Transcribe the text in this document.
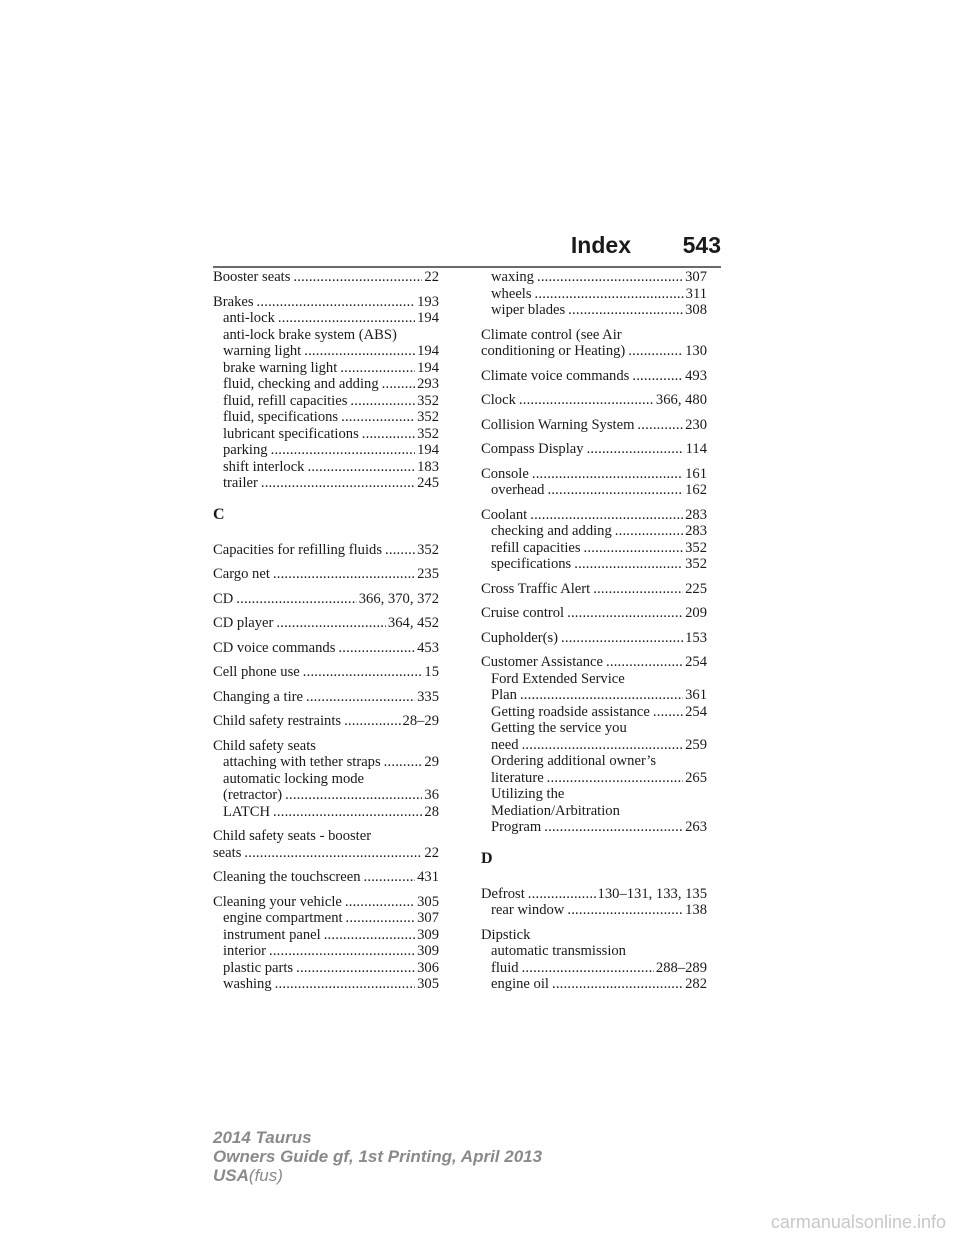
Index 543
Booster seats .....	22
Brakes .....	193
anti-lock .....	194
anti-lock brake system (ABS)
warning light .....	194
brake warning light .....	194
fluid, checking and adding .....	293
fluid, refill capacities .....	352
fluid, specifications .....	352
lubricant specifications .....	352
parking .....	194
shift interlock .....	183
trailer .....	245
C
Capacities for refilling fluids ..... 352
Cargo net .....	235
CD .....	366, 370, 372
CD player .....	364, 452
CD voice commands .....	453
Cell phone use .....	15
Changing a tire .....	335
Child safety restraints .....	28–29
Child safety seats
attaching with tether straps .....	29
automatic locking mode
(retractor) .....	36
LATCH .....	28
Child safety seats - booster
seats .....	22
Cleaning the touchscreen .....	431
Cleaning your vehicle .....	305
engine compartment .....	307
instrument panel .....	309
interior .....	309
plastic parts .....	306
washing .....	305
waxing .....	307
wheels .....	311
wiper blades .....	308
Climate control (see Air
conditioning or Heating) .....	130
Climate voice commands .....	493
Clock .....	366, 480
Collision Warning System .....	230
Compass Display .....	114
Console .....	161
overhead .....	162
Coolant .....	283
checking and adding .....	283
refill capacities .....	352
specifications .....	352
Cross Traffic Alert .....	225
Cruise control .....	209
Cupholder(s) .....	153
Customer Assistance .....	254
Ford Extended Service
Plan .....	361
Getting roadside assistance ..... 254
Getting the service you
need .....	259
Ordering additional owner’s
literature .....	265
Utilizing the
Mediation/Arbitration
Program .....	263
D
Defrost .....	130–131, 133, 135
rear window .....	138
Dipstick
automatic transmission
fluid .....	288–289
engine oil .....	282
2014 Taurus
Owners Guide gf, 1st Printing, April 2013
USA(fus)
carmanualsonline.info
